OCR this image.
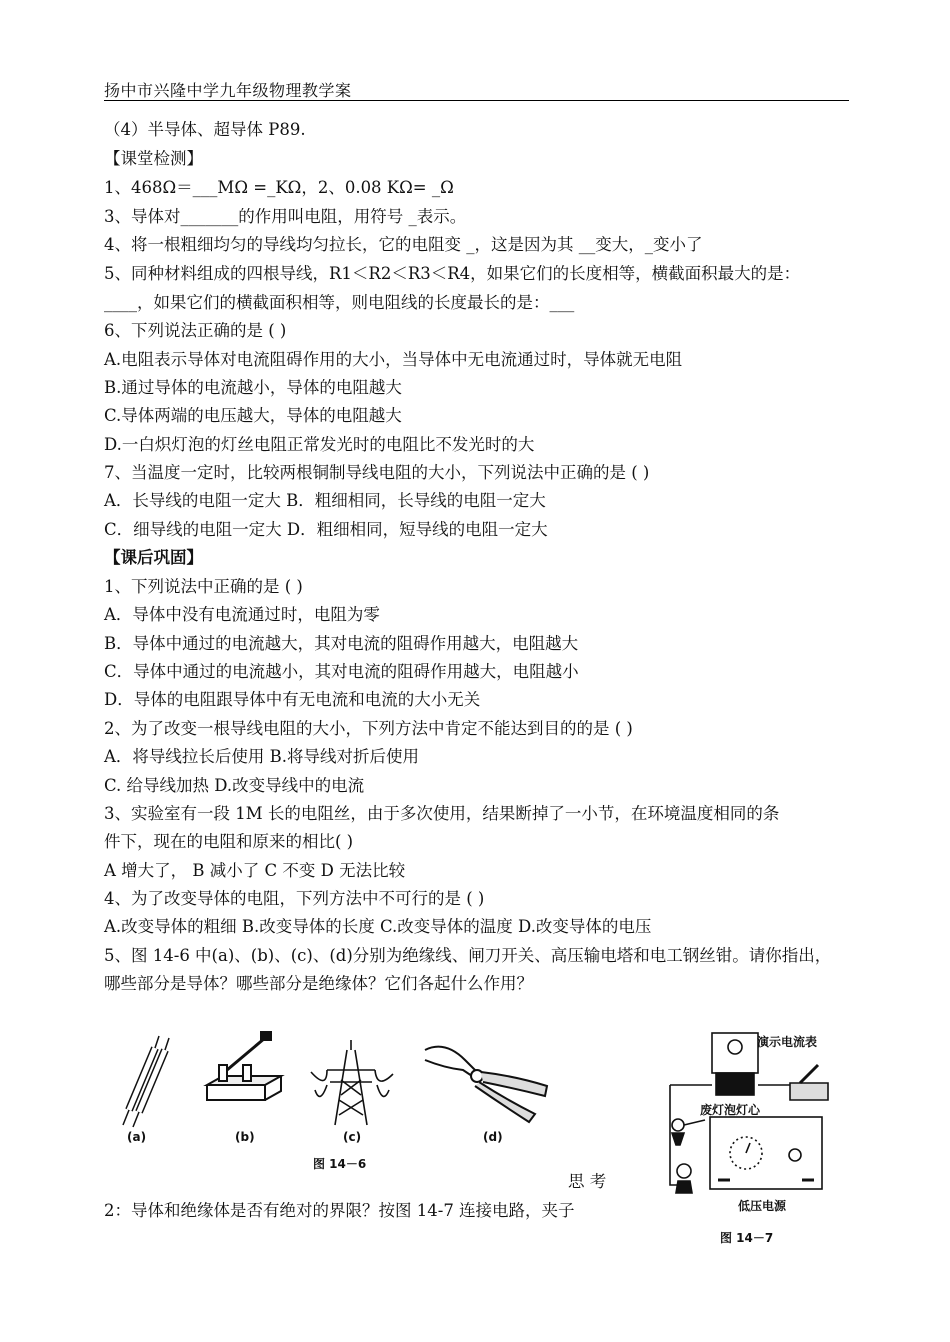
扬中市兴隆中学九年级物理教学案
（4）半导体、超导体 P89.
【课堂检测】
1、468Ω＝___MΩ =_KΩ，2、0.08 KΩ= _Ω
3、导体对_______的作用叫电阻，用符号 _表示。
4、将一根粗细均匀的导线均匀拉长，它的电阻变 _，这是因为其 __变大，_变小了
5、同种材料组成的四根导线，R1＜R2＜R3＜R4，如果它们的长度相等，横截面积最大的是：
____，如果它们的横截面积相等，则电阻线的长度最长的是：___
6、下列说法正确的是 ( )
A.电阻表示导体对电流阻碍作用的大小，当导体中无电流通过时，导体就无电阻
B.通过导体的电流越小，导体的电阻越大
C.导体两端的电压越大，导体的电阻越大
D.一白炽灯泡的灯丝电阻正常发光时的电阻比不发光时的大
7、当温度一定时，比较两根铜制导线电阻的大小，下列说法中正确的是 ( )
A．长导线的电阻一定大 B．粗细相同，长导线的电阻一定大
C．细导线的电阻一定大 D．粗细相同，短导线的电阻一定大
【课后巩固】
1、下列说法中正确的是 ( )
A．导体中没有电流通过时，电阻为零
B．导体中通过的电流越大，其对电流的阻碍作用越大，电阻越大
C．导体中通过的电流越小，其对电流的阻碍作用越大，电阻越小
D．导体的电阻跟导体中有无电流和电流的大小无关
2、为了改变一根导线电阻的大小，下列方法中肯定不能达到目的的是 ( )
A．将导线拉长后使用 B.将导线对折后使用
C. 给导线加热 D.改变导线中的电流
3、实验室有一段 1M 长的电阻丝，由于多次使用，结果断掉了一小节，在环境温度相同的条
件下，现在的电阻和原来的相比( )
A 增大了， B 减小了 C 不变 D 无法比较
4、为了改变导体的电阻，下列方法中不可行的是 ( )
A.改变导体的粗细 B.改变导体的长度 C.改变导体的温度 D.改变导体的电压
5、图 14-6 中(a)、(b)、(c)、(d)分别为绝缘线、闸刀开关、高压输电塔和电工钢丝钳。请你指出，
哪些部分是导体？哪些部分是绝缘体？它们各起什么作用？
(a)	(b)	(c)	(d)
图 14－6
演示电流表
废灯泡灯心
低压电源
图 14－7
思 考
2：导体和绝缘体是否有绝对的界限？按图 14-7 连接电路，夹子
